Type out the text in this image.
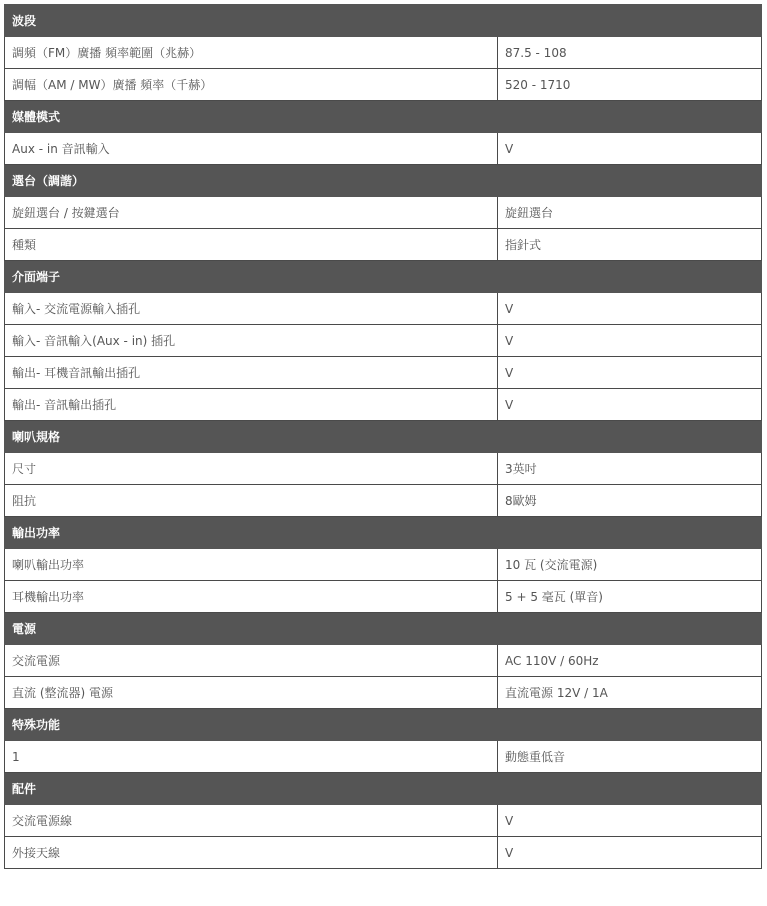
波段	
調頻（FM）廣播 頻率範圍（兆赫）	87.5 - 108
調幅（AM / MW）廣播 頻率（千赫）	520 - 1710
媒體模式	
Aux - in 音訊輸入	V
選台（調諧）	
旋鈕選台 / 按鍵選台	旋鈕選台
種類	指針式
介面端子	
輸入- 交流電源輸入插孔	V
輸入- 音訊輸入(Aux - in) 插孔	V
輸出- 耳機音訊輸出插孔	V
輸出- 音訊輸出插孔	V
喇叭規格	
尺寸	3英吋
阻抗	8歐姆
輸出功率	
喇叭輸出功率	10 瓦 (交流電源)
耳機輸出功率	5 + 5 毫瓦 (單音)
電源	
交流電源	AC 110V / 60Hz
直流 (整流器) 電源	直流電源 12V / 1A
特殊功能	
1	動態重低音
配件	
交流電源線	V
外接天線	V
